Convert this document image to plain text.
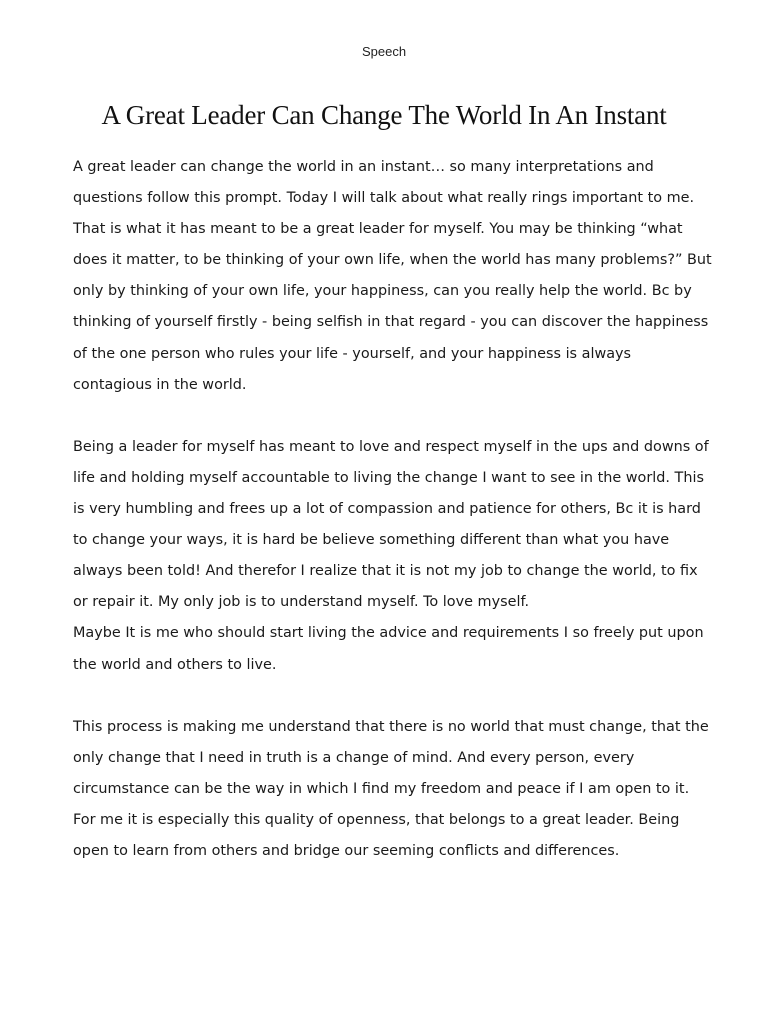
Speech
A Great Leader Can Change The World In An Instant

A great leader can change the world in an instant… so many interpretations and questions follow this prompt. Today I will talk about what really rings important to me. That is what it has meant to be a great leader for myself. You may be thinking “what does it matter, to be thinking of your own life, when the world has many problems?” But only by thinking of your own life, your happiness, can you really help the world. Bc by thinking of yourself firstly - being selfish in that regard - you can discover the happiness of the one person who rules your life - yourself, and your happiness is always contagious in the world.

Being a leader for myself has meant to love and respect myself in the ups and downs of life and holding myself accountable to living the change I want to see in the world. This is very humbling and frees up a lot of compassion and patience for others, Bc it is hard to change your ways, it is hard be believe something different than what you have always been told! And therefor I realize that it is not my job to change the world, to fix or repair it. My only job is to understand myself. To love myself.

Maybe It is me who should start living the advice and requirements I so freely put upon the world and others to live.

This process is making me understand that there is no world that must change, that the only change that I need in truth is a change of mind. And every person, every circumstance can be the way in which I find my freedom and peace if I am open to it. For me it is especially this quality of openness, that belongs to a great leader. Being open to learn from others and bridge our seeming conflicts and differences.
